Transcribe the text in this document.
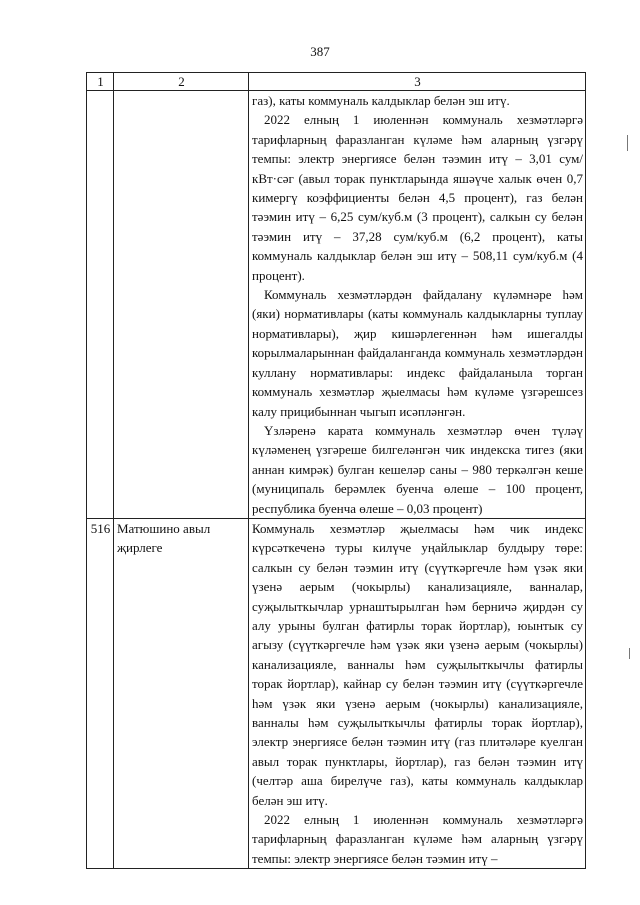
387
1	2	3

		газ), каты коммуналь калдыклар белән эш итү.

2022 елның 1 июленнән коммуналь хезмәтләргә тарифларның фаразланган күләме һәм аларның үзгәрү темпы: электр энергиясе белән тәэмин итү – 3,01 сум/кВт·сәг (авыл торак пунктларында яшәүче халык өчен 0,7 кимергү коэффициенты белән 4,5 процент), газ белән тәэмин итү – 6,25 сум/куб.м (3 процент), салкын су белән тәэмин итү – 37,28 сум/куб.м (6,2 процент), каты коммуналь калдыклар белән эш итү – 508,11 сум/куб.м (4 процент).

Коммуналь хезмәтләрдән файдалану күләмнәре һәм (яки) нормативлары (каты коммуналь калдыкларны туплау нормативлары), җир кишәрлегеннән һәм ишегалды корылмаларыннан файдаланганда коммуналь хезмәтләрдән куллану нормативлары: индекс файдаланыла торган коммуналь хезмәтләр җыелмасы һәм күләме үзгәрешсез калу прицибыннан чыгып исәпләнгән.

Үзләренә карата коммуналь хезмәтләр өчен түләү күләменең үзгәреше билгеләнгән чик индекска тигез (яки аннан кимрәк) булган кешеләр саны – 980 теркәлгән кеше (муниципаль берәмлек буенча өлеше – 100 процент, республика буенча өлеше – 0,03 процент)

516	Матюшино авыл җирлеге	Коммуналь хезмәтләр җыелмасы һәм чик индекс күрсәткеченә туры килүче уңайлыклар булдыру төре: салкын су белән тәэмин итү (сүүткәргечле һәм үзәк яки үзенә аерым (чокырлы) канализацияле, ванналар, суҗылыткычлар урнаштырылган һәм берничә җирдән су алу урыны булган фатирлы торак йортлар), юынтык су агызу (сүүткәргечле һәм үзәк яки үзенә аерым (чокырлы) канализацияле, ванналы һәм суҗылыткычлы фатирлы торак йортлар), кайнар су белән тәэмин итү (сүүткәргечле һәм үзәк яки үзенә аерым (чокырлы) канализацияле, ванналы һәм суҗылыткычлы фатирлы торак йортлар), электр энергиясе белән тәэмин итү (газ плитәләре куелган авыл торак пунктлары, йортлар), газ белән тәэмин итү (челтәр аша бирелүче газ), каты коммуналь калдыклар белән эш итү.

2022 елның 1 июленнән коммуналь хезмәтләргә тарифларның фаразланган күләме һәм аларның үзгәрү темпы: электр энергиясе белән тәэмин итү –
